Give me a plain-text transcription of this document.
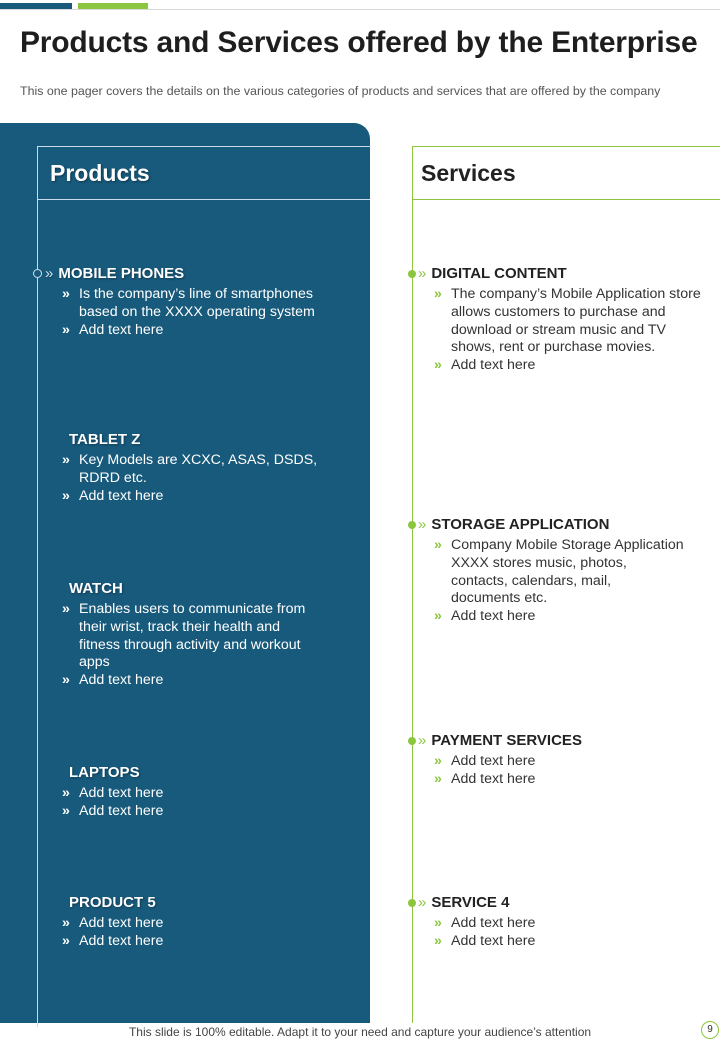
Products and Services offered by the Enterprise

This one pager covers the details on the various categories of products and services that are offered by the company

Products
» MOBILE PHONES
» Is the company’s line of smartphones based on the XXXX operating system
» Add text here
TABLET Z
» Key Models are XCXC, ASAS, DSDS, RDRD etc.
» Add text here
WATCH
» Enables users to communicate from their wrist, track their health and fitness through activity and workout apps
» Add text here
LAPTOPS
» Add text here
» Add text here
PRODUCT 5
» Add text here
» Add text here
Services
» DIGITAL CONTENT
» The company’s Mobile Application store allows customers to purchase and download or stream music and TV shows, rent or purchase movies.
» Add text here
» STORAGE APPLICATION
» Company Mobile Storage Application XXXX stores music, photos, contacts, calendars, mail, documents etc.
» Add text here
» PAYMENT SERVICES
» Add text here
» Add text here
» SERVICE 4
» Add text here
» Add text here
This slide is 100% editable. Adapt it to your need and capture your audience’s attention	9
